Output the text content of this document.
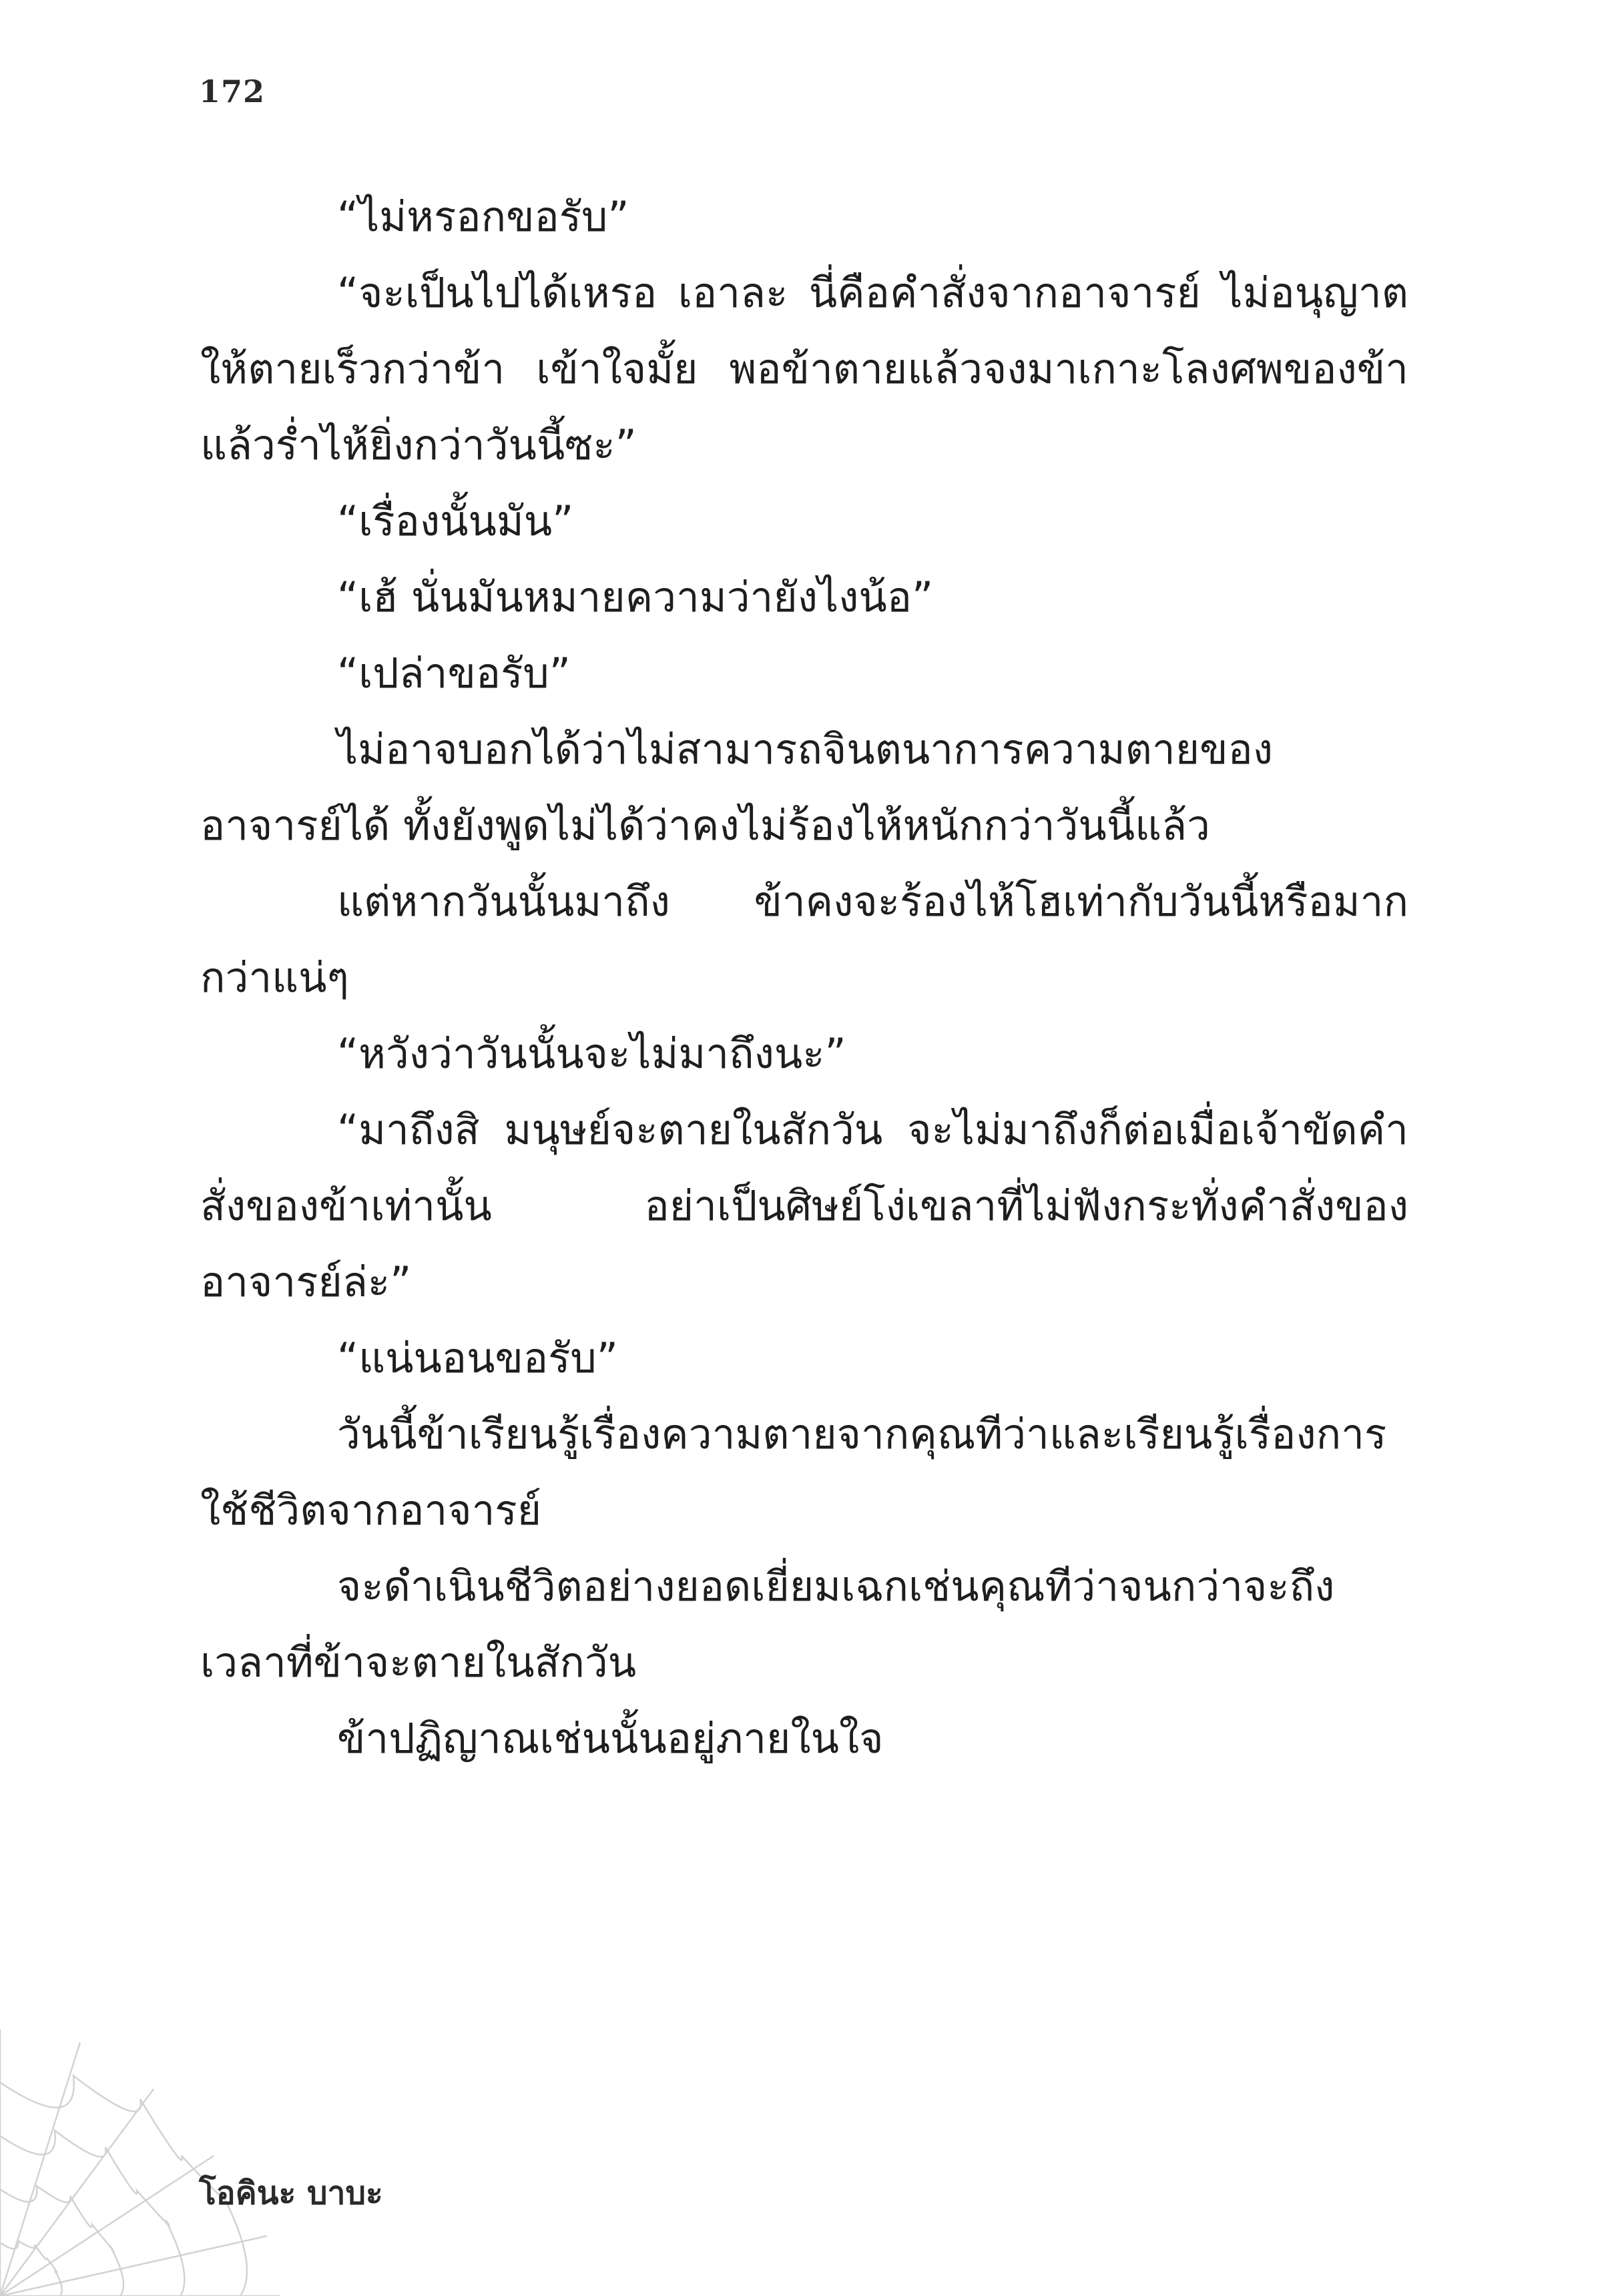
172

“ไม่หรอกขอรับ”

“จะเป็นไปได้เหรอ เอาละ นี่คือคำสั่งจากอาจารย์ ไม่อนุญาตให้ตายเร็วกว่าข้า เข้าใจมั้ย พอข้าตายแล้วจงมาเกาะโลงศพของข้าแล้วร่ำไห้ยิ่งกว่าวันนี้ซะ”

“เรื่องนั้นมัน”

“เฮ้ นั่นมันหมายความว่ายังไงน้อ”

“เปล่าขอรับ”

ไม่อาจบอกได้ว่าไม่สามารถจินตนาการความตายของอาจารย์ได้ ทั้งยังพูดไม่ได้ว่าคงไม่ร้องไห้หนักกว่าวันนี้แล้ว

แต่หากวันนั้นมาถึง ข้าคงจะร้องไห้โฮเท่ากับวันนี้หรือมากกว่าแน่ๆ

“หวังว่าวันนั้นจะไม่มาถึงนะ”

“มาถึงสิ มนุษย์จะตายในสักวัน จะไม่มาถึงก็ต่อเมื่อเจ้าขัดคำสั่งของข้าเท่านั้น อย่าเป็นศิษย์โง่เขลาที่ไม่ฟังกระทั่งคำสั่งของอาจารย์ล่ะ”

“แน่นอนขอรับ”

วันนี้ข้าเรียนรู้เรื่องความตายจากคุณทีว่าและเรียนรู้เรื่องการใช้ชีวิตจากอาจารย์

จะดำเนินชีวิตอย่างยอดเยี่ยมเฉกเช่นคุณทีว่าจนกว่าจะถึงเวลาที่ข้าจะตายในสักวัน

ข้าปฏิญาณเช่นนั้นอยู่ภายในใจ

โอคินะ บาบะ
